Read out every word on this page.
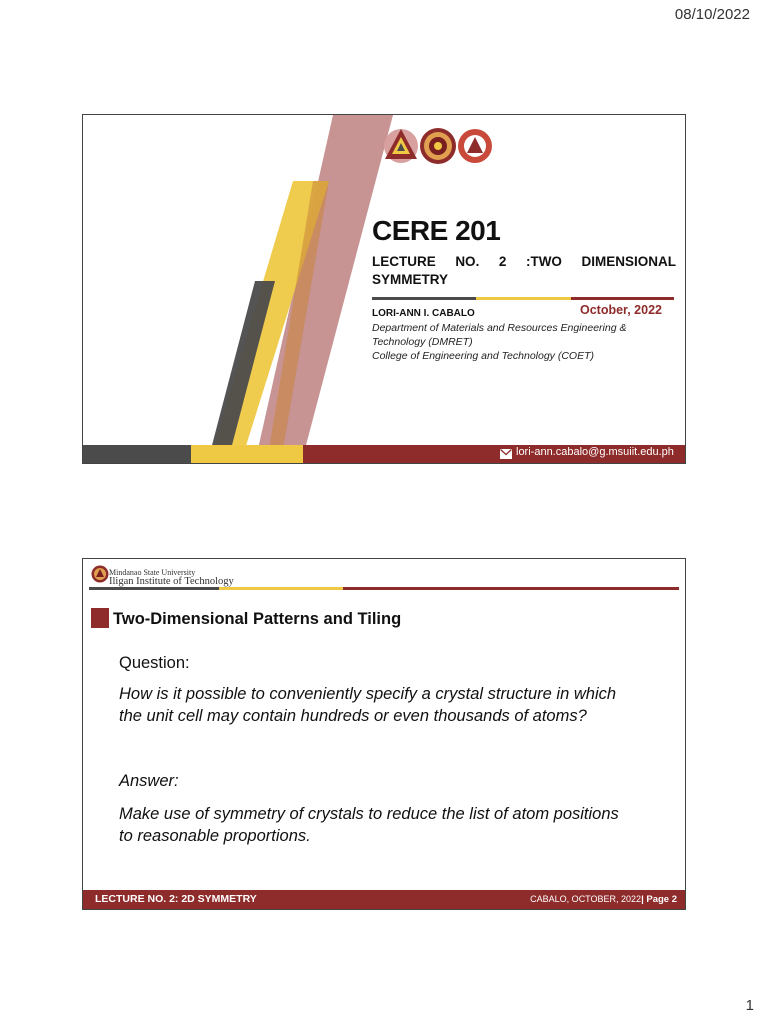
08/10/2022
CERE 201
LECTURE NO. 2 :TWO DIMENSIONAL
SYMMETRY
October, 2022
LORI-ANN I. CABALO
Department of Materials and Resources Engineering &
Technology (DMRET)
College of Engineering and Technology (COET)
lori-ann.cabalo@g.msuiit.edu.ph
Mindanao State University
Iligan Institute of Technology
Two-Dimensional Patterns and Tiling
Question:
How is it possible to conveniently specify a crystal structure in which
the unit cell may contain hundreds or even thousands of atoms?
Answer:
Make use of symmetry of crystals to reduce the list of atom positions
to reasonable proportions.
LECTURE NO. 2: 2D SYMMETRY	CABALO, OCTOBER, 2022| Page 2
1
